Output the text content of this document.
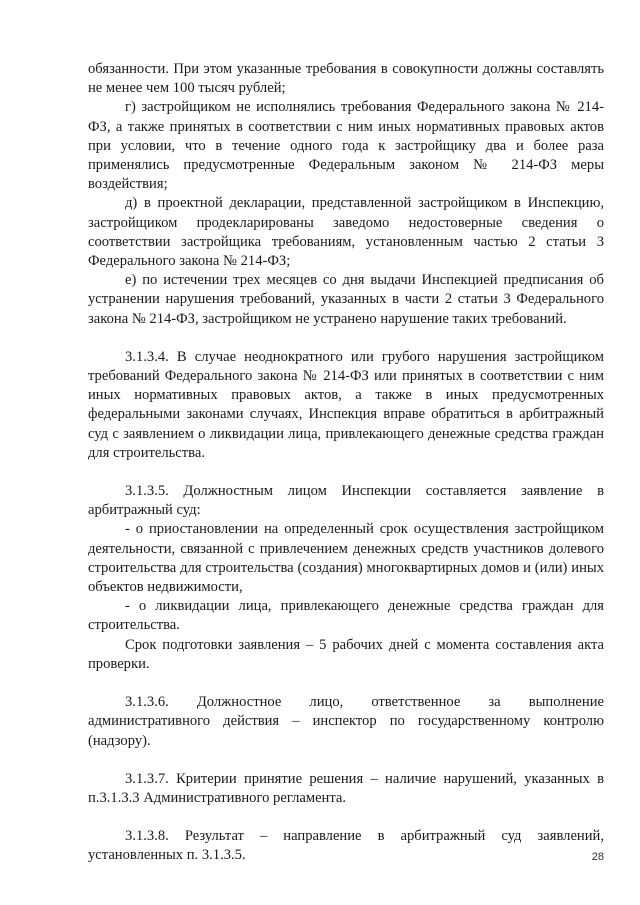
обязанности. При этом указанные требования в совокупности должны составлять не менее чем 100 тысяч рублей;

г) застройщиком не исполнялись требования Федерального закона № 214-ФЗ, а также принятых в соответствии с ним иных нормативных правовых актов при условии, что в течение одного года к застройщику два и более раза применялись предусмотренные Федеральным законом № 214-ФЗ меры воздействия;

д) в проектной декларации, представленной застройщиком в Инспекцию, застройщиком продекларированы заведомо недостоверные сведения о соответствии застройщика требованиям, установленным частью 2 статьи 3 Федерального закона № 214-ФЗ;

е) по истечении трех месяцев со дня выдачи Инспекцией предписания об устранении нарушения требований, указанных в части 2 статьи 3 Федерального закона № 214-ФЗ, застройщиком не устранено нарушение таких требований.

3.1.3.4. В случае неоднократного или грубого нарушения застройщиком требований Федерального закона № 214-ФЗ или принятых в соответствии с ним иных нормативных правовых актов, а также в иных предусмотренных федеральными законами случаях, Инспекция вправе обратиться в арбитражный суд с заявлением о ликвидации лица, привлекающего денежные средства граждан для строительства.

3.1.3.5. Должностным лицом Инспекции составляется заявление в арбитражный суд:

- о приостановлении на определенный срок осуществления застройщиком деятельности, связанной с привлечением денежных средств участников долевого строительства для строительства (создания) многоквартирных домов и (или) иных объектов недвижимости,

- о ликвидации лица, привлекающего денежные средства граждан для строительства.

Срок подготовки заявления – 5 рабочих дней с момента составления акта проверки.

3.1.3.6. Должностное лицо, ответственное за выполнение административного действия – инспектор по государственному контролю (надзору).

3.1.3.7. Критерии принятие решения – наличие нарушений, указанных в п.3.1.3.3 Административного регламента.

3.1.3.8. Результат – направление в арбитражный суд заявлений, установленных п. 3.1.3.5.	28
